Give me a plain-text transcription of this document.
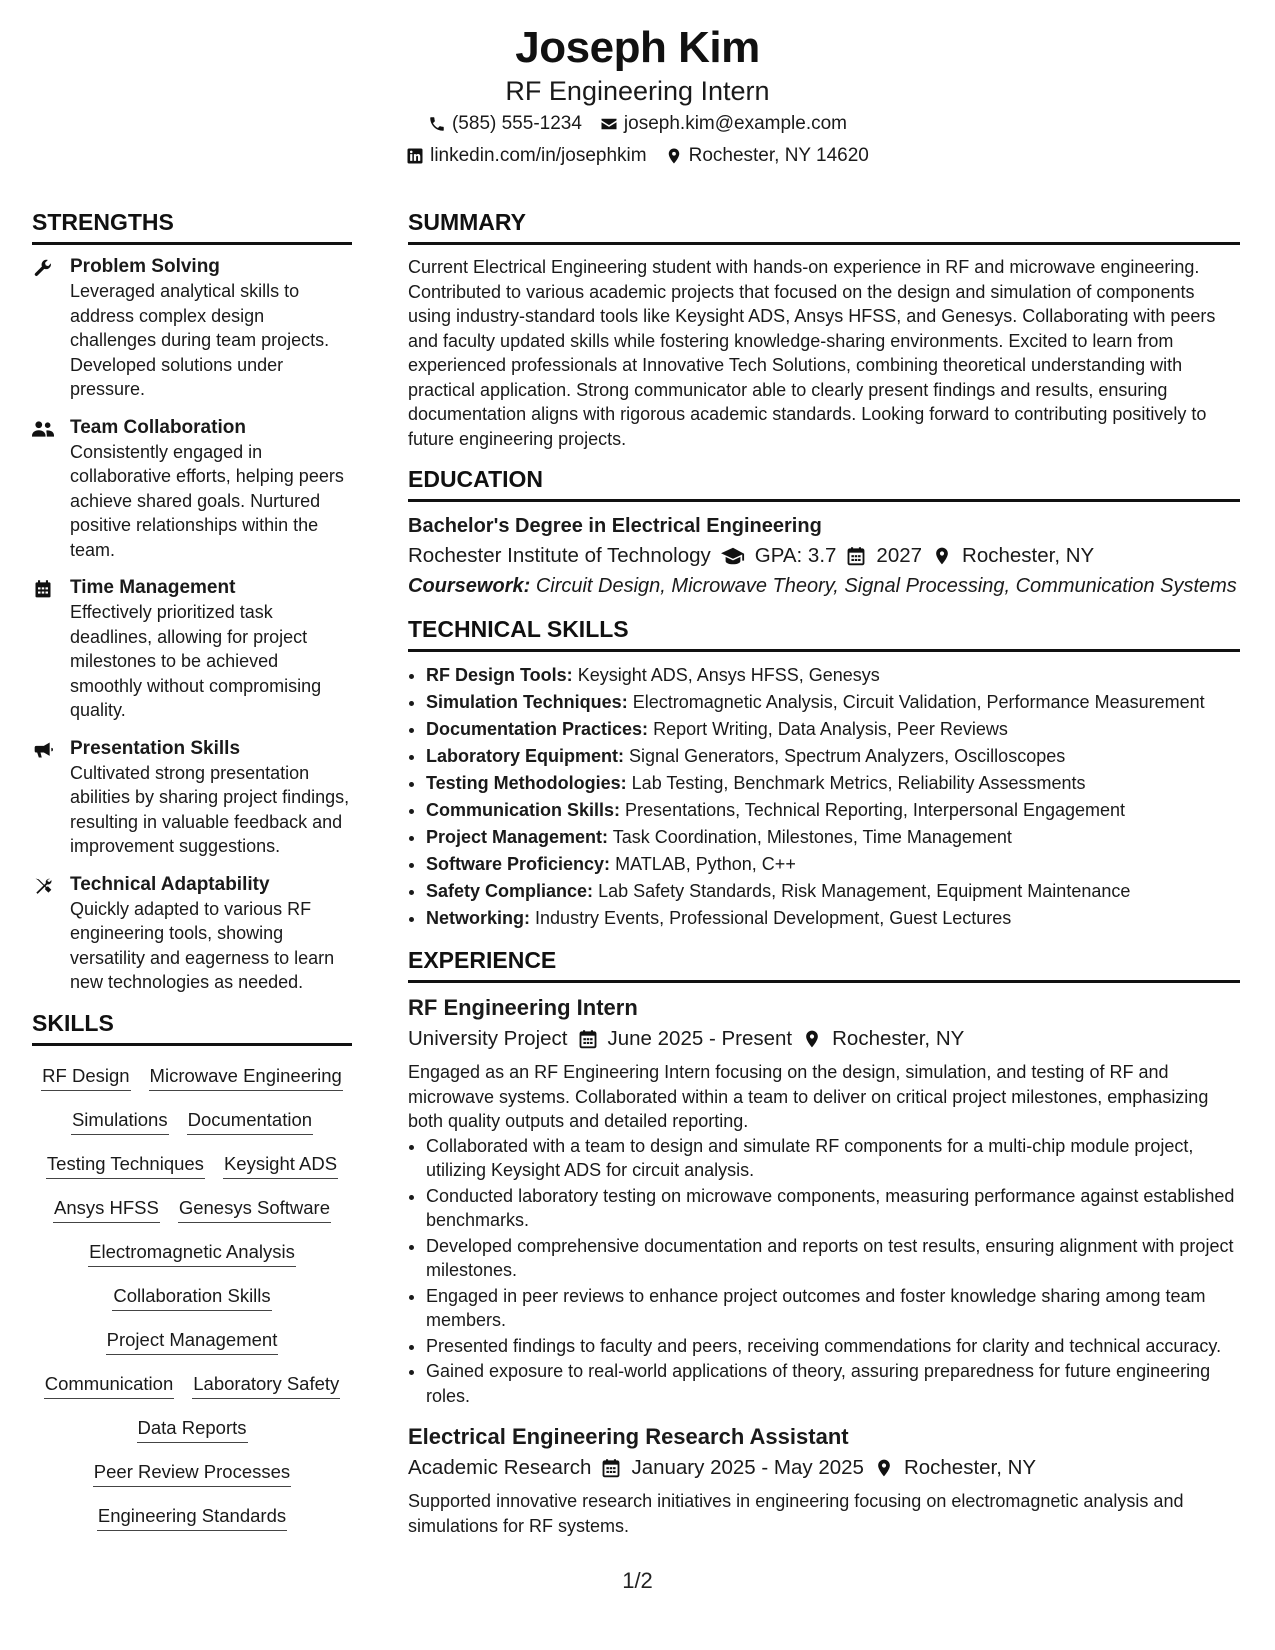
Joseph Kim
RF Engineering Intern
(585) 555-1234 joseph.kim@example.com
linkedin.com/in/josephkim Rochester, NY 14620
STRENGTHS
Problem Solving
Leveraged analytical skills to address complex design challenges during team projects. Developed solutions under pressure.
Team Collaboration
Consistently engaged in collaborative efforts, helping peers achieve shared goals. Nurtured positive relationships within the team.
Time Management
Effectively prioritized task deadlines, allowing for project milestones to be achieved smoothly without compromising quality.
Presentation Skills
Cultivated strong presentation abilities by sharing project findings, resulting in valuable feedback and improvement suggestions.
Technical Adaptability
Quickly adapted to various RF engineering tools, showing versatility and eagerness to learn new technologies as needed.
SKILLS
RF Design Microwave Engineering
Simulations Documentation
Testing Techniques Keysight ADS
Ansys HFSS Genesys Software
Electromagnetic Analysis
Collaboration Skills
Project Management
Communication Laboratory Safety
Data Reports
Peer Review Processes
Engineering Standards
SUMMARY
Current Electrical Engineering student with hands-on experience in RF and microwave engineering. Contributed to various academic projects that focused on the design and simulation of components using industry-standard tools like Keysight ADS, Ansys HFSS, and Genesys. Collaborating with peers and faculty updated skills while fostering knowledge-sharing environments. Excited to learn from experienced professionals at Innovative Tech Solutions, combining theoretical understanding with practical application. Strong communicator able to clearly present findings and results, ensuring documentation aligns with rigorous academic standards. Looking forward to contributing positively to future engineering projects.
EDUCATION
Bachelor's Degree in Electrical Engineering
Rochester Institute of Technology GPA: 3.7 2027 Rochester, NY
Coursework: Circuit Design, Microwave Theory, Signal Processing, Communication Systems
TECHNICAL SKILLS
• RF Design Tools: Keysight ADS, Ansys HFSS, Genesys
• Simulation Techniques: Electromagnetic Analysis, Circuit Validation, Performance Measurement
• Documentation Practices: Report Writing, Data Analysis, Peer Reviews
• Laboratory Equipment: Signal Generators, Spectrum Analyzers, Oscilloscopes
• Testing Methodologies: Lab Testing, Benchmark Metrics, Reliability Assessments
• Communication Skills: Presentations, Technical Reporting, Interpersonal Engagement
• Project Management: Task Coordination, Milestones, Time Management
• Software Proficiency: MATLAB, Python, C++
• Safety Compliance: Lab Safety Standards, Risk Management, Equipment Maintenance
• Networking: Industry Events, Professional Development, Guest Lectures
EXPERIENCE
RF Engineering Intern
University Project June 2025 - Present Rochester, NY
Engaged as an RF Engineering Intern focusing on the design, simulation, and testing of RF and microwave systems. Collaborated within a team to deliver on critical project milestones, emphasizing both quality outputs and detailed reporting.
• Collaborated with a team to design and simulate RF components for a multi-chip module project, utilizing Keysight ADS for circuit analysis.
• Conducted laboratory testing on microwave components, measuring performance against established benchmarks.
• Developed comprehensive documentation and reports on test results, ensuring alignment with project milestones.
• Engaged in peer reviews to enhance project outcomes and foster knowledge sharing among team members.
• Presented findings to faculty and peers, receiving commendations for clarity and technical accuracy.
• Gained exposure to real-world applications of theory, assuring preparedness for future engineering roles.
Electrical Engineering Research Assistant
Academic Research January 2025 - May 2025 Rochester, NY
Supported innovative research initiatives in engineering focusing on electromagnetic analysis and simulations for RF systems.
1/2
